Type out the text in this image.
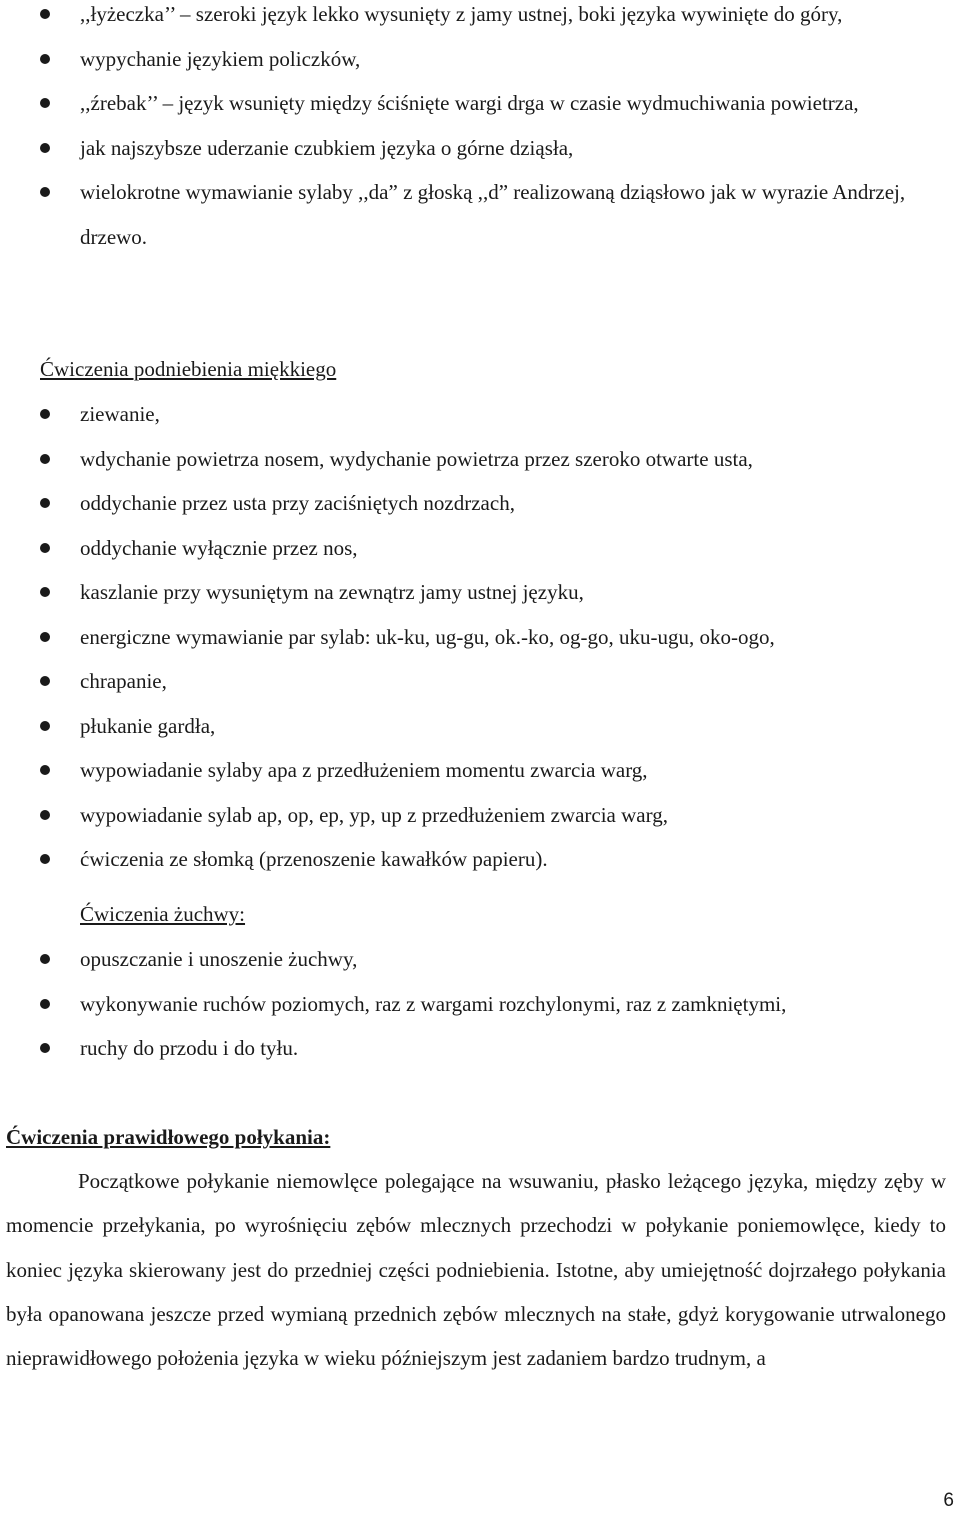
,,łyżeczka’’ – szeroki język lekko wysunięty z jamy ustnej, boki języka wywinięte do góry,
wypychanie językiem policzków,
,,źrebak’’ – język wsunięty między ściśnięte wargi drga w czasie wydmuchiwania powietrza,
jak najszybsze uderzanie czubkiem języka o górne dziąsła,
wielokrotne wymawianie sylaby ,,da” z głoską ,,d” realizowaną dziąsłowo jak w wyrazie Andrzej, drzewo.
Ćwiczenia podniebienia miękkiego
ziewanie,
wdychanie powietrza nosem, wydychanie powietrza przez szeroko otwarte usta,
oddychanie przez usta przy zaciśniętych nozdrzach,
oddychanie wyłącznie przez nos,
kaszlanie przy wysuniętym na zewnątrz jamy ustnej języku,
energiczne wymawianie par sylab: uk-ku, ug-gu, ok.-ko, og-go, uku-ugu, oko-ogo,
chrapanie,
płukanie gardła,
wypowiadanie sylaby apa z przedłużeniem momentu zwarcia warg,
wypowiadanie sylab ap, op, ep, yp, up z przedłużeniem zwarcia warg,
ćwiczenia ze słomką (przenoszenie kawałków papieru).
Ćwiczenia żuchwy:
opuszczanie i unoszenie żuchwy,
wykonywanie ruchów poziomych, raz z wargami rozchylonymi, raz z zamkniętymi,
ruchy do przodu i do tyłu.
Ćwiczenia prawidłowego połykania:
Początkowe połykanie niemowlęce polegające na wsuwaniu, płasko leżącego języka, między zęby w momencie przełykania, po wyrośnięciu zębów mlecznych przechodzi w połykanie poniemowlęce, kiedy to koniec języka skierowany jest do przedniej części podniebienia. Istotne, aby umiejętność dojrzałego połykania była opanowana jeszcze przed wymianą przednich zębów mlecznych na stałe, gdyż korygowanie utrwalonego nieprawidłowego położenia języka w wieku późniejszym jest zadaniem bardzo trudnym, a
6
